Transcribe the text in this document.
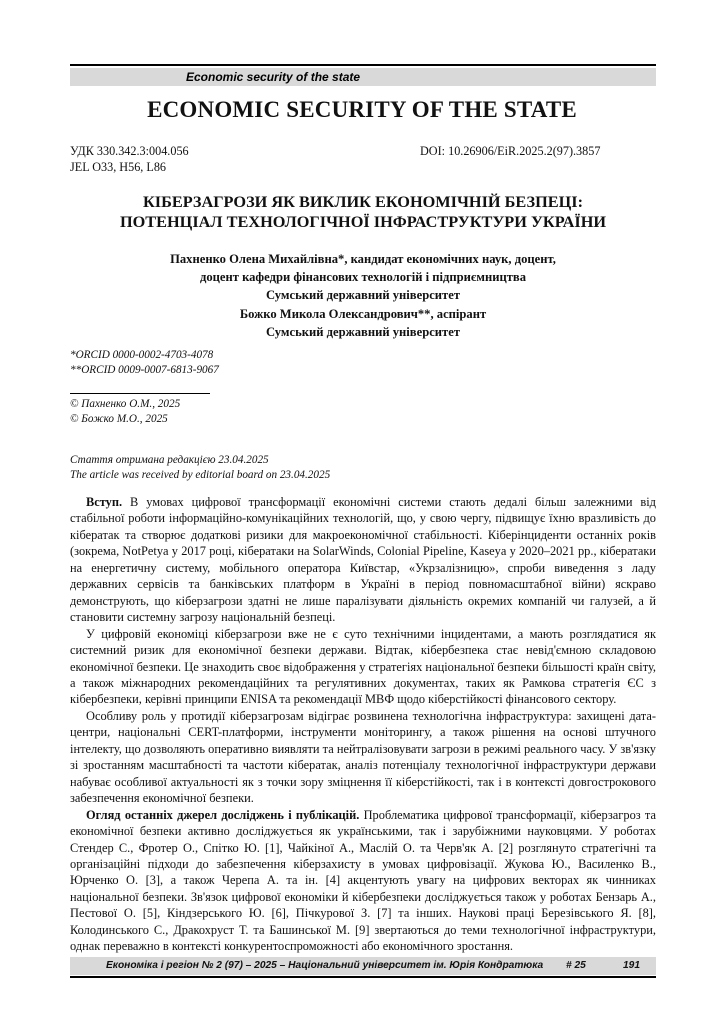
Economic security of the state
ECONOMIC SECURITY OF THE STATE
УДК 330.342.3:004.056
JEL O33, H56, L86
DOI: 10.26906/EiR.2025.2(97).3857
КІБЕРЗАГРОЗИ ЯК ВИКЛИК ЕКОНОМІЧНІЙ БЕЗПЕЦІ:
ПОТЕНЦІАЛ ТЕХНОЛОГІЧНОЇ ІНФРАСТРУКТУРИ УКРАЇНИ
Пахненко Олена Михайлівна*, кандидат економічних наук, доцент,
доцент кафедри фінансових технологій і підприємництва
Сумський державний університет
Божко Микола Олександрович**, аспірант
Сумський державний університет
*ORCID 0000-0002-4703-4078
**ORCID 0009-0007-6813-9067
© Пахненко О.М., 2025
© Божко М.О., 2025
Стаття отримана редакцією 23.04.2025
The article was received by editorial board on 23.04.2025

Вступ. В умовах цифрової трансформації економічні системи стають дедалі більш залежними від стабільної роботи інформаційно-комунікаційних технологій, що, у свою чергу, підвищує їхню вразливість до кібератак та створює додаткові ризики для макроекономічної стабільності. Кіберінциденти останніх років (зокрема, NotPetya у 2017 році, кібератаки на SolarWinds, Colonial Pipeline, Kaseya у 2020–2021 рр., кібератаки на енергетичну систему, мобільного оператора Київстар, «Укрзалізницю», спроби виведення з ладу державних сервісів та банківських платформ в Україні в період повномасштабної війни) яскраво демонструють, що кіберзагрози здатні не лише паралізувати діяльність окремих компаній чи галузей, а й становити системну загрозу національній безпеці.

У цифровій економіці кіберзагрози вже не є суто технічними інцидентами, а мають розглядатися як системний ризик для економічної безпеки держави. Відтак, кібербезпека стає невід'ємною складовою економічної безпеки. Це знаходить своє відображення у стратегіях національної безпеки більшості країн світу, а також міжнародних рекомендаційних та регулятивних документах, таких як Рамкова стратегія ЄС з кібербезпеки, керівні принципи ENISA та рекомендації МВФ щодо кіберстійкості фінансового сектору.

Особливу роль у протидії кіберзагрозам відіграє розвинена технологічна інфраструктура: захищені дата-центри, національні CERT-платформи, інструменти моніторингу, а також рішення на основі штучного інтелекту, що дозволяють оперативно виявляти та нейтралізовувати загрози в режимі реального часу. У зв'язку зі зростанням масштабності та частоти кібератак, аналіз потенціалу технологічної інфраструктури держави набуває особливої актуальності як з точки зору зміцнення її кіберстійкості, так і в контексті довгострокового забезпечення економічної безпеки.

Огляд останніх джерел досліджень і публікацій. Проблематика цифрової трансформації, кіберзагроз та економічної безпеки активно досліджується як українськими, так і зарубіжними науковцями. У роботах Стендер С., Фротер О., Спітко Ю. [1], Чайкіної А., Маслій О. та Черв'як А. [2] розглянуто стратегічні та організаційні підходи до забезпечення кіберзахисту в умовах цифровізації. Жукова Ю., Василенко В., Юрченко О. [3], а також Черепа А. та ін. [4] акцентують увагу на цифрових векторах як чинниках національної безпеки. Зв'язок цифрової економіки й кібербезпеки досліджується також у роботах Бензарь А., Пестової О. [5], Кіндзерського Ю. [6], Пічкурової З. [7] та інших. Наукові праці Березівського Я. [8], Колодинського С., Дракохруст Т. та Башинської М. [9] звертаються до теми технологічної інфраструктури, однак переважно в контексті конкурентоспроможності або економічного зростання.

Економіка і регіон № 2 (97) – 2025 – Національний університет ім. Юрія Кондратюка # 25	191
